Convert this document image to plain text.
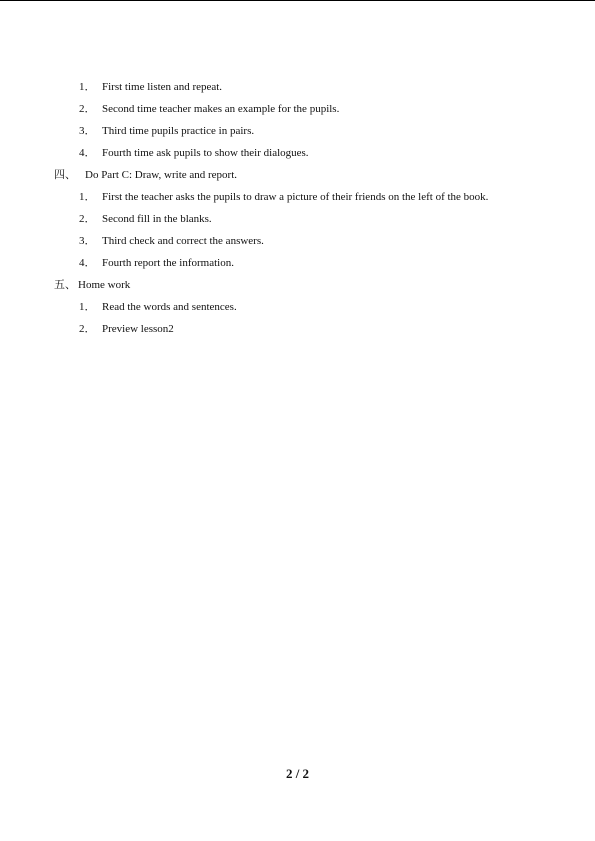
1． First time listen and repeat.
2． Second time teacher makes an example for the pupils.
3． Third time pupils practice in pairs.
4． Fourth time ask pupils to show their dialogues.
四、 Do Part C: Draw, write and report.
1． First the teacher asks the pupils to draw a picture of their friends on the left of the book.
2． Second fill in the blanks.
3． Third check and correct the answers.
4． Fourth report the information.
五、 Home work
1． Read the words and sentences.
2． Preview lesson2
2 / 2
